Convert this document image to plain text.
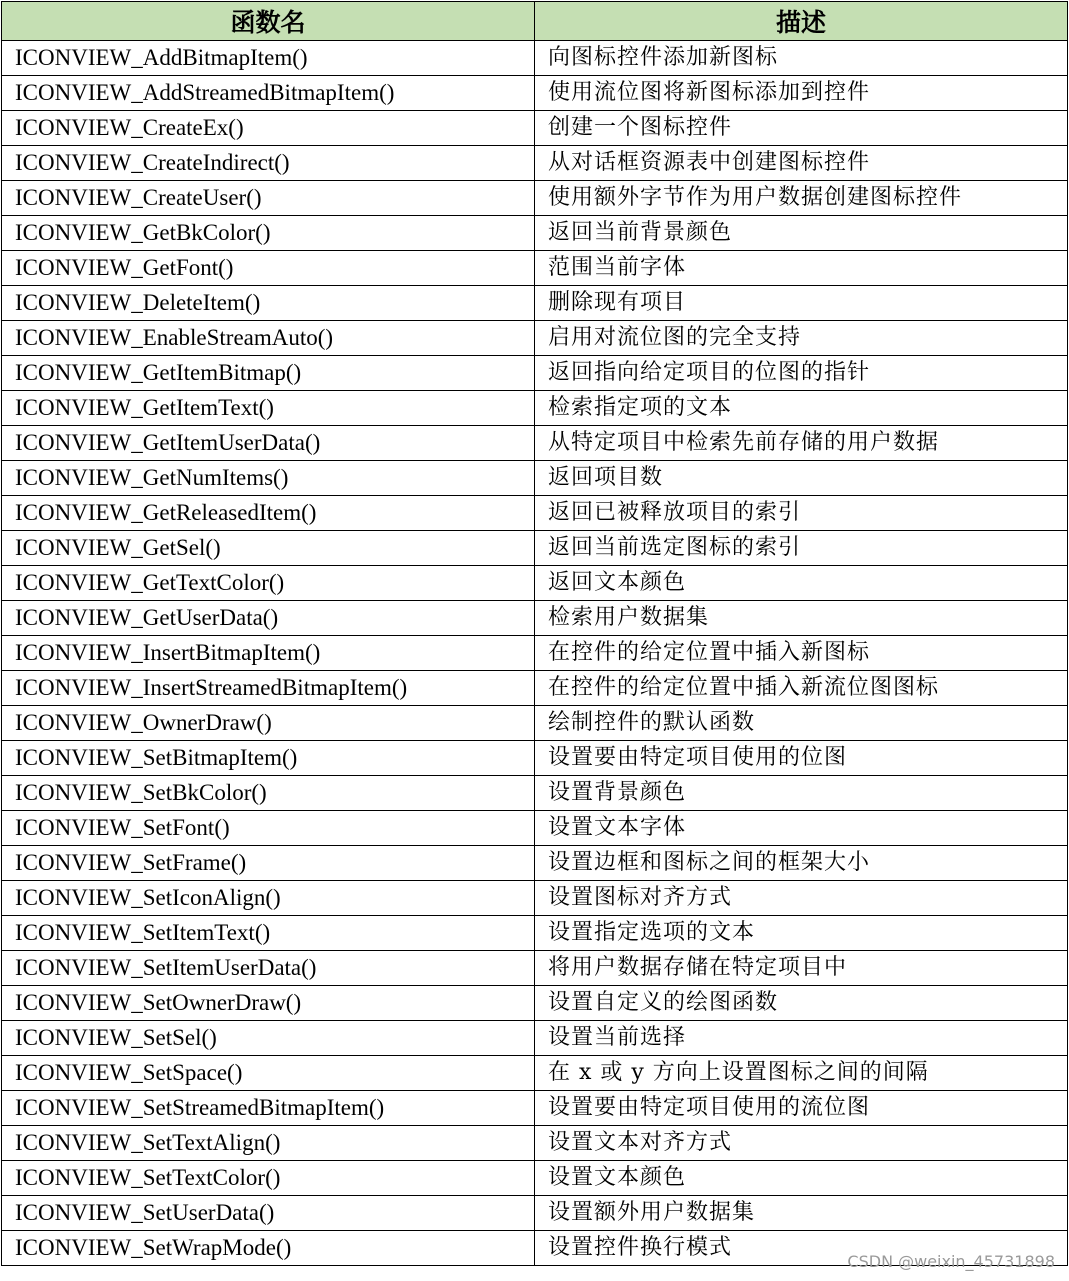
函数名	描述
ICONVIEW_AddBitmapItem()	向图标控件添加新图标
ICONVIEW_AddStreamedBitmapItem()	使用流位图将新图标添加到控件
ICONVIEW_CreateEx()	创建一个图标控件
ICONVIEW_CreateIndirect()	从对话框资源表中创建图标控件
ICONVIEW_CreateUser()	使用额外字节作为用户数据创建图标控件
ICONVIEW_GetBkColor()	返回当前背景颜色
ICONVIEW_GetFont()	范围当前字体
ICONVIEW_DeleteItem()	删除现有项目
ICONVIEW_EnableStreamAuto()	启用对流位图的完全支持
ICONVIEW_GetItemBitmap()	返回指向给定项目的位图的指针
ICONVIEW_GetItemText()	检索指定项的文本
ICONVIEW_GetItemUserData()	从特定项目中检索先前存储的用户数据
ICONVIEW_GetNumItems()	返回项目数
ICONVIEW_GetReleasedItem()	返回已被释放项目的索引
ICONVIEW_GetSel()	返回当前选定图标的索引
ICONVIEW_GetTextColor()	返回文本颜色
ICONVIEW_GetUserData()	检索用户数据集
ICONVIEW_InsertBitmapItem()	在控件的给定位置中插入新图标
ICONVIEW_InsertStreamedBitmapItem()	在控件的给定位置中插入新流位图图标
ICONVIEW_OwnerDraw()	绘制控件的默认函数
ICONVIEW_SetBitmapItem()	设置要由特定项目使用的位图
ICONVIEW_SetBkColor()	设置背景颜色
ICONVIEW_SetFont()	设置文本字体
ICONVIEW_SetFrame()	设置边框和图标之间的框架大小
ICONVIEW_SetIconAlign()	设置图标对齐方式
ICONVIEW_SetItemText()	设置指定选项的文本
ICONVIEW_SetItemUserData()	将用户数据存储在特定项目中
ICONVIEW_SetOwnerDraw()	设置自定义的绘图函数
ICONVIEW_SetSel()	设置当前选择
ICONVIEW_SetSpace()	在 x 或 y 方向上设置图标之间的间隔
ICONVIEW_SetStreamedBitmapItem()	设置要由特定项目使用的流位图
ICONVIEW_SetTextAlign()	设置文本对齐方式
ICONVIEW_SetTextColor()	设置文本颜色
ICONVIEW_SetUserData()	设置额外用户数据集
ICONVIEW_SetWrapMode()	设置控件换行模式
CSDN @weixin_45731898
